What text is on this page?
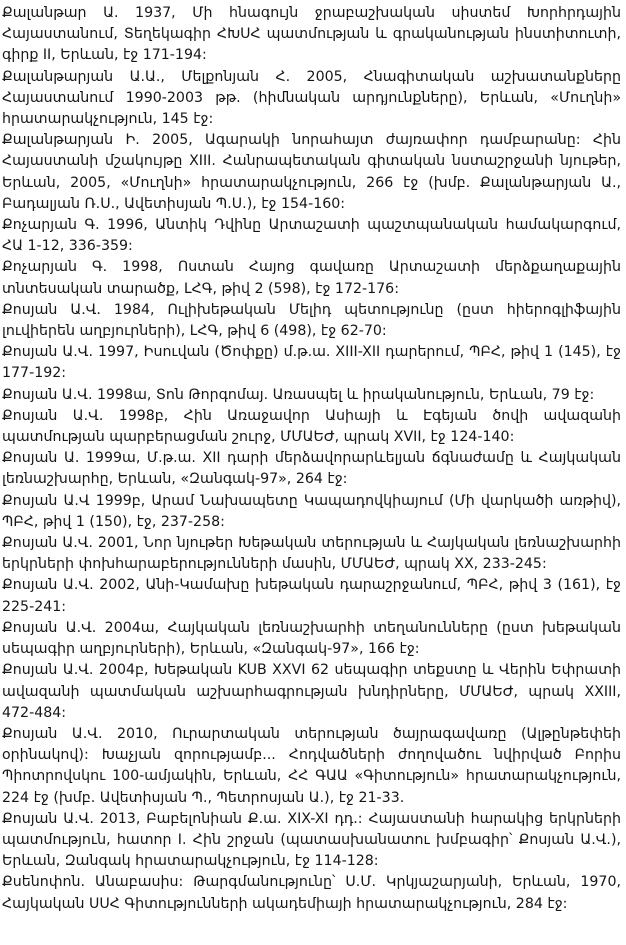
Քալանթար Ա. 1937, Մի հնագույն ջրաբաշխական սիստեմ Խորհրդային Հայաստանում, Տեղեկագիր ՀԽՍՀ պատմության և գրականության ինստիտուտի, գիրք II, Երևան, էջ 171-194:

Քալանթարյան Ա.Ա., Մելքոնյան Հ. 2005, Հնագիտական աշխատանքները Հայաստանում 1990-2003 թթ. (հիմնական արդյունքները), Երևան, «Մուղնի» հրատարակչություն, 145 էջ:

Քալանթարյան Ի. 2005, Ագարակի նորահայտ ժայռափոր դամբարանը: Հին Հայաստանի մշակույթը XIII. Հանրապետական գիտական նստաշրջանի նյութեր, Երևան, 2005, «Մուղնի» հրատարակչություն, 266 էջ (խմբ. Քալանթարյան Ա., Բադալյան Ռ.Ս., Ավետիսյան Պ.Ս.), էջ 154-160:

Քոչարյան Գ. 1996, Անտիկ Դվինը Արտաշատի պաշտպանական համակարգում, ՀԱ 1-12, 336-359:

Քոչարյան Գ. 1998, Ոստան Հայոց գավառը Արտաշատի մերձքաղաքային տնտեսական տարածք, ԼՀԳ, թիվ 2 (598), էջ 172-176:

Քոսյան Ա.Վ. 1984, Ուլիխեթական Մելիդ պետությունը (ըստ հիերոգլիֆային լուվիերեն աղբյուրների), ԼՀԳ, թիվ 6 (498), էջ 62-70:

Քոսյան Ա.Վ. 1997, Իսուվան (Ծոփքը) մ.թ.ա. XIII-XII դարերում, ՊԲՀ, թիվ 1 (145), էջ 177-192:

Քոսյան Ա.Վ. 1998ա, Տոն Թորգոմայ. Առասպել և իրականություն, Երևան, 79 էջ:

Քոսյան Ա.Վ. 1998բ, Հին Առաջավոր Ասիայի և Էգեյան ծովի ավազանի պատմության պարբերացման շուրջ, ՄՄԱԵԺ, պրակ XVII, էջ 124-140:

Քոսյան Ա. 1999ա, Մ.թ.ա. XII դարի մերձավորարևելյան ճգնաժամը և Հայկական լեռնաշխարհը, Երևան, «Զանգակ-97», 264 էջ:

Քոսյան Ա.Վ 1999բ, Արամ Նախապետը Կապադովկիայում (Մի վարկածի առթիվ), ՊԲՀ, թիվ 1 (150), էջ, 237-258:

Քոսյան Ա.Վ. 2001, Նոր նյութեր Խեթական տերության և Հայկական լեռնաշխարհի երկրների փոխհարաբերությունների մասին, ՄՄԱԵԺ, պրակ XX, 233-245:

Քոսյան Ա.Վ. 2002, Անի-Կամախը խեթական դարաշրջանում, ՊԲՀ, թիվ 3 (161), էջ 225-241:

Քոսյան Ա.Վ. 2004ա, Հայկական լեռնաշխարհի տեղանունները (ըստ խեթական սեպագիր աղբյուրների), Երևան, «Զանգակ-97», 166 էջ:

Քոսյան Ա.Վ. 2004բ, Խեթական KUB XXVI 62 սեպագիր տեքստը և Վերին Եփրատի ավազանի պատմական աշխարհագրության խնդիրները, ՄՄԱԵԺ, պրակ XXIII, 472-484:

Քոսյան Ա.Վ. 2010, Ուրարտական տերության ծայրագավառը (Ալթընթեփեի օրինակով): Խաչյան զորությամբ... Հոդվածների ժողովածու նվիրված Բորիս Պիոտրովսկու 100-ամյակին, Երևան, ՀՀ ԳԱԱ «Գիտություն» հրատարակչություն, 224 էջ (խմբ. Ավետիսյան Պ., Պետրոսյան Ա.), էջ 21-33.

Քոսյան Ա.Վ. 2013, Բաբելոնիան Ք.ա. XIX-XI դդ.: Հայաստանի հարակից երկրների պատմություն, հատոր I. Հին շրջան (պատասխանատու խմբագիր՝ Քոսյան Ա.Վ.), Երևան, Զանգակ հրատարակչություն, էջ 114-128:

Քսենոփոն. Անաբասիս: Թարգմանությունը՝ Ս.Մ. Կրկյաշարյանի, Երևան, 1970, Հայկական ՍՍՀ Գիտությունների ակադեմիայի հրատարակչություն, 284 էջ:
